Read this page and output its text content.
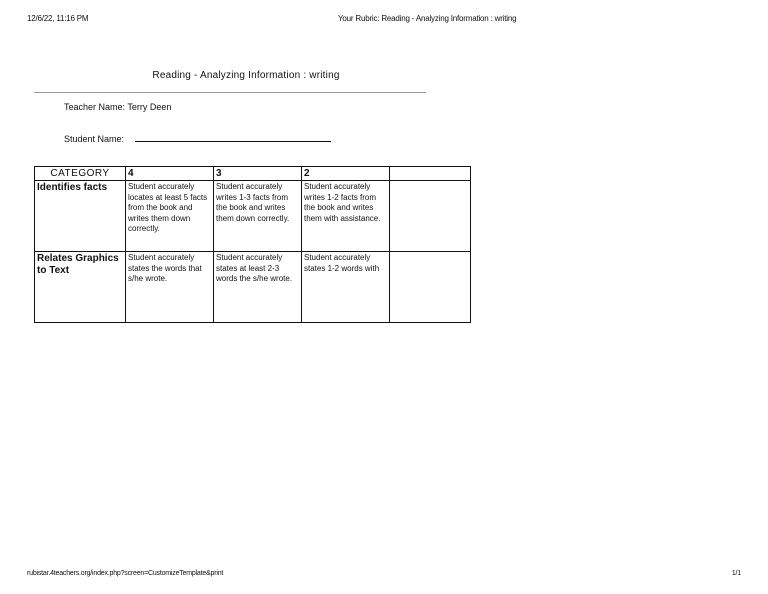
12/6/22, 11:16 PM	Your Rubric: Reading - Analyzing Information : writing
Reading - Analyzing Information : writing
Teacher Name: Terry Deen
Student Name:
CATEGORY	4	3	2	
Identifies facts	Student accurately locates at least 5 facts from the book and writes them down correctly.	Student accurately writes 1-3 facts from the book and writes them down correctly.	Student accurately writes 1-2 facts from the book and writes them with assistance.	
Relates Graphics to Text	Student accurately states the words that s/he wrote.	Student accurately states at least 2-3 words the s/he wrote.	Student accurately states 1-2 words with	
rubistar.4teachers.org/index.php?screen=CustomizeTemplate&print	1/1
